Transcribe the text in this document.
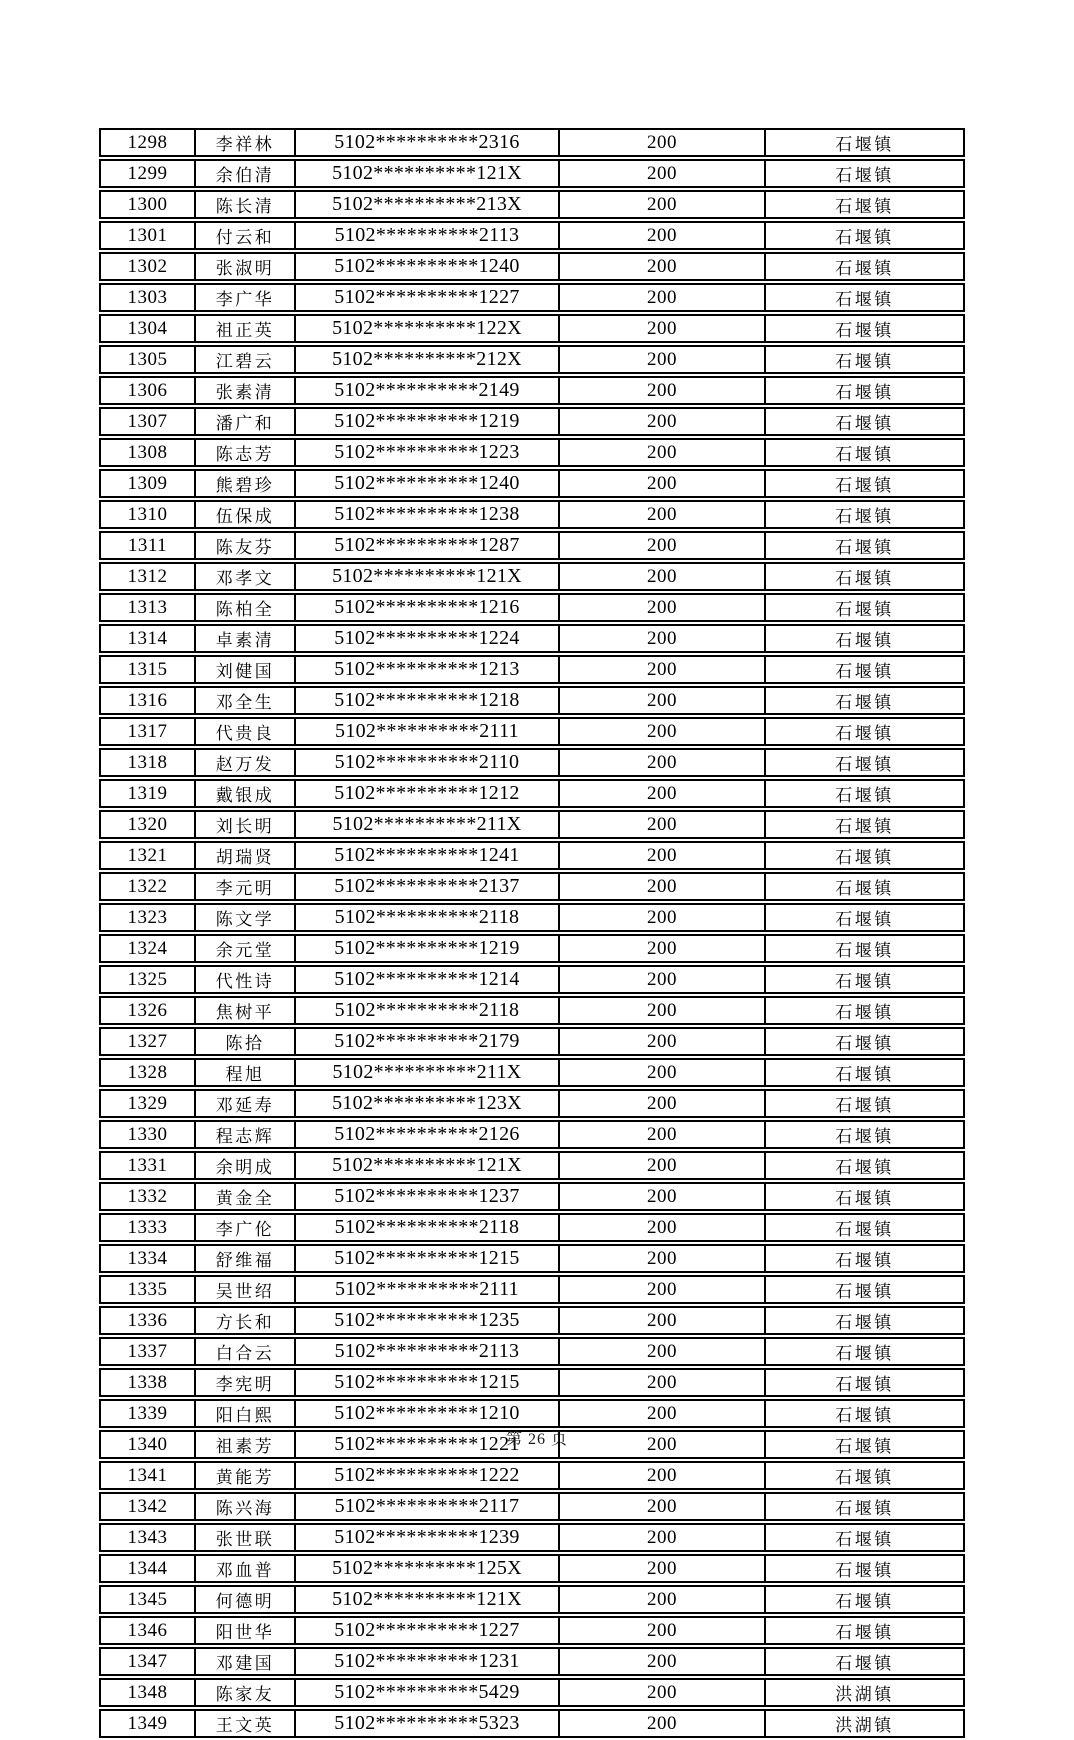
1298	李祥林	5102**********2316	200	石堰镇
1299	余伯清	5102**********121X	200	石堰镇
1300	陈长清	5102**********213X	200	石堰镇
1301	付云和	5102**********2113	200	石堰镇
1302	张淑明	5102**********1240	200	石堰镇
1303	李广华	5102**********1227	200	石堰镇
1304	祖正英	5102**********122X	200	石堰镇
1305	江碧云	5102**********212X	200	石堰镇
1306	张素清	5102**********2149	200	石堰镇
1307	潘广和	5102**********1219	200	石堰镇
1308	陈志芳	5102**********1223	200	石堰镇
1309	熊碧珍	5102**********1240	200	石堰镇
1310	伍保成	5102**********1238	200	石堰镇
1311	陈友芬	5102**********1287	200	石堰镇
1312	邓孝文	5102**********121X	200	石堰镇
1313	陈柏全	5102**********1216	200	石堰镇
1314	卓素清	5102**********1224	200	石堰镇
1315	刘健国	5102**********1213	200	石堰镇
1316	邓全生	5102**********1218	200	石堰镇
1317	代贵良	5102**********2111	200	石堰镇
1318	赵万发	5102**********2110	200	石堰镇
1319	戴银成	5102**********1212	200	石堰镇
1320	刘长明	5102**********211X	200	石堰镇
1321	胡瑞贤	5102**********1241	200	石堰镇
1322	李元明	5102**********2137	200	石堰镇
1323	陈文学	5102**********2118	200	石堰镇
1324	余元堂	5102**********1219	200	石堰镇
1325	代性诗	5102**********1214	200	石堰镇
1326	焦树平	5102**********2118	200	石堰镇
1327	陈拾	5102**********2179	200	石堰镇
1328	程旭	5102**********211X	200	石堰镇
1329	邓延寿	5102**********123X	200	石堰镇
1330	程志辉	5102**********2126	200	石堰镇
1331	余明成	5102**********121X	200	石堰镇
1332	黄金全	5102**********1237	200	石堰镇
1333	李广伦	5102**********2118	200	石堰镇
1334	舒维福	5102**********1215	200	石堰镇
1335	吴世绍	5102**********2111	200	石堰镇
1336	方长和	5102**********1235	200	石堰镇
1337	白合云	5102**********2113	200	石堰镇
1338	李宪明	5102**********1215	200	石堰镇
1339	阳白熙	5102**********1210	200	石堰镇
1340	祖素芳	5102**********1221	200	石堰镇
1341	黄能芳	5102**********1222	200	石堰镇
1342	陈兴海	5102**********2117	200	石堰镇
1343	张世联	5102**********1239	200	石堰镇
1344	邓血普	5102**********125X	200	石堰镇
1345	何德明	5102**********121X	200	石堰镇
1346	阳世华	5102**********1227	200	石堰镇
1347	邓建国	5102**********1231	200	石堰镇
1348	陈家友	5102**********5429	200	洪湖镇
1349	王文英	5102**********5323	200	洪湖镇
第 26 页
